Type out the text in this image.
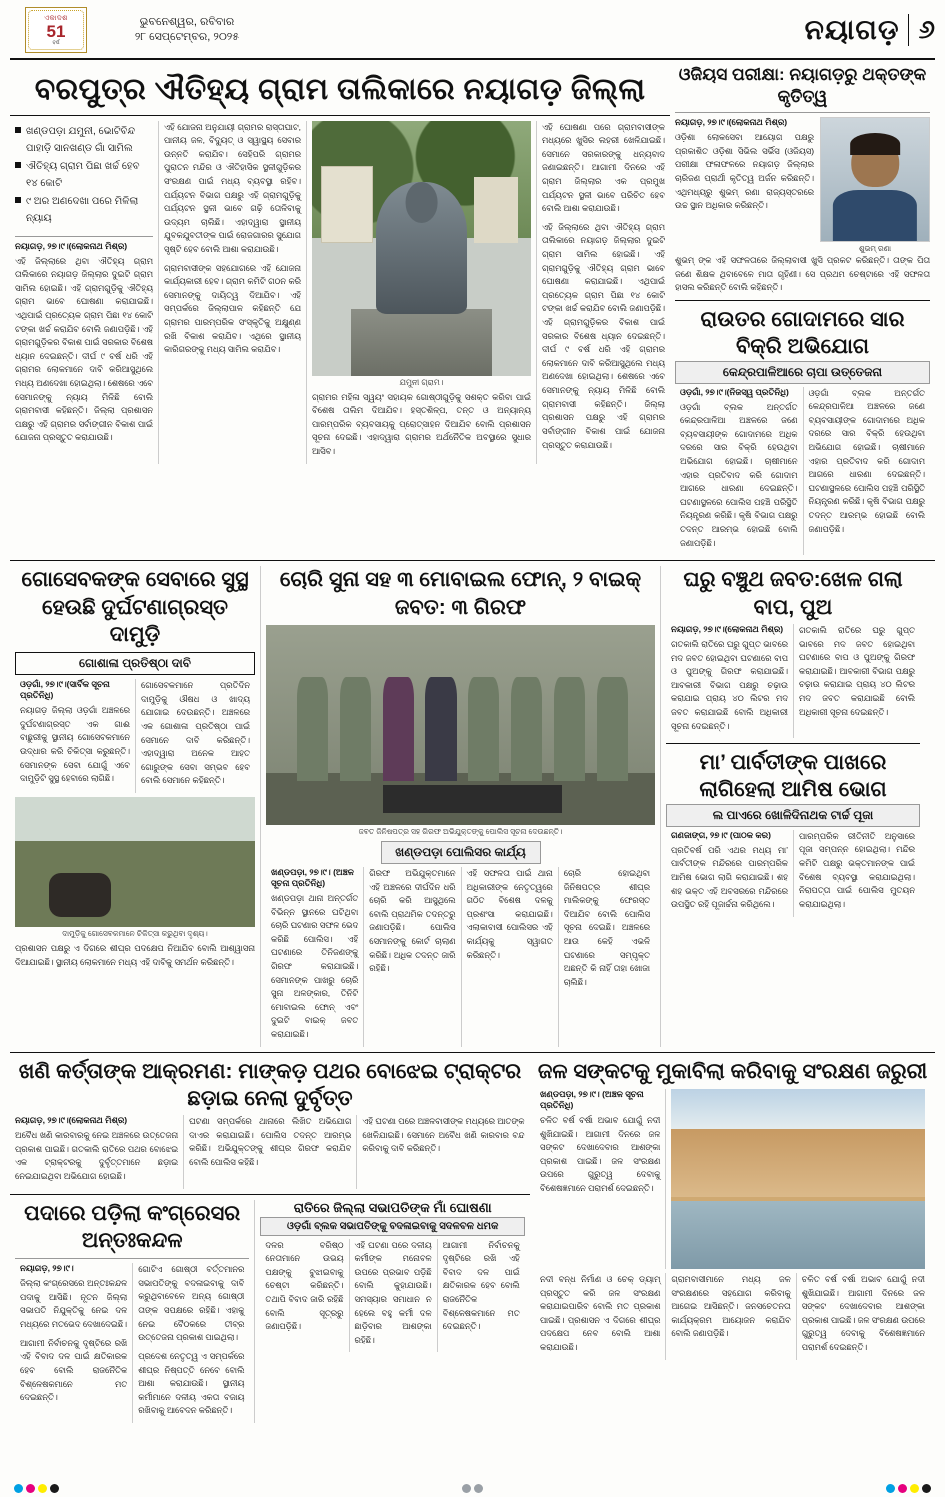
ଏକାଦଶ
51
ବର୍ଷ
ଭୁବନେଶ୍ୱର, ରବିବାର
୨୮ ସେପ୍ଟେମ୍ବର, ୨୦୨୫	ନୟାଗଡ଼ ୬
ବରପୁତ୍ର ଐତିହ୍ୟ ଗ୍ରାମ ତାଲିକାରେ ନୟାଗଡ଼ ଜିଲ୍ଲା
ଖଣ୍ଡପଡ଼ା ଯମୁନୀ, ଭୋଟିବିନ୍ଦ ପାହାଡ଼ି ସାନଖଣ୍ଡ ଗାଁ ସାମିଲ
ଐତିହ୍ୟ ଗ୍ରାମ ପିଛା ଖର୍ଚ୍ଚ ହେବ ୧୪ କୋଟି
୯ ଅର ଅଣଦେଖା ପରେ ମିଳିଲା ନ୍ୟାୟ
ନୟାଗଡ଼, ୨୭।୯।(ଲୋକନାଥ ମିଶ୍ର)

ଏହି ଜିଲ୍ଲାରେ ଥିବା ଐତିହ୍ୟ ଗ୍ରାମ ତାଲିକାରେ ନୟାଗଡ଼ ଜିଲ୍ଲାର ଦୁଇଟି ଗ୍ରାମ ସାମିଲ ହୋଇଛି। ଏହି ଗ୍ରାମଗୁଡ଼ିକୁ ଐତିହ୍ୟ ଗ୍ରାମ ଭାବେ ଘୋଷଣା କରାଯାଇଛି। ଏଥିପାଇଁ ପ୍ରତ୍ୟେକ ଗ୍ରାମ ପିଛା ୧୪ କୋଟି ଟଙ୍କା ଖର୍ଚ୍ଚ କରାଯିବ ବୋଲି ଜଣାପଡ଼ିଛି। ଏହି ଗ୍ରାମଗୁଡ଼ିକର ବିକାଶ ପାଇଁ ସରକାର ବିଶେଷ ଧ୍ୟାନ ଦେଇଛନ୍ତି। ଦୀର୍ଘ ୯ ବର୍ଷ ଧରି ଏହି ଗ୍ରାମର ଲୋକମାନେ ଦାବି କରିଆସୁଥିଲେ ମଧ୍ୟ ଅଣଦେଖା ହୋଇଥିଲା। ଶେଷରେ ଏବେ ସେମାନଙ୍କୁ ନ୍ୟାୟ ମିଳିଛି ବୋଲି ଗ୍ରାମବାସୀ କହିଛନ୍ତି। ଜିଲ୍ଲା ପ୍ରଶାସନ ପକ୍ଷରୁ ଏହି ଗ୍ରାମର ସର୍ବାଙ୍ଗୀନ ବିକାଶ ପାଇଁ ଯୋଜନା ପ୍ରସ୍ତୁତ କରାଯାଉଛି।

ଏହି ଯୋଜନା ଅନୁଯାୟୀ ଗ୍ରାମର ରାସ୍ତାଘାଟ, ପାନୀୟ ଜଳ, ବିଦ୍ୟୁତ୍ ଓ ସ୍ୱାସ୍ଥ୍ୟ ସେବାର ଉନ୍ନତି କରାଯିବ। ସେହିପରି ଗ୍ରାମର ପୁରାତନ ମନ୍ଦିର ଓ ଐତିହାସିକ ସ୍ଥଳୀଗୁଡ଼ିକର ସଂରକ୍ଷଣ ପାଇଁ ମଧ୍ୟ ବ୍ୟବସ୍ଥା ରହିବ। ପର୍ଯ୍ୟଟନ ବିଭାଗ ପକ୍ଷରୁ ଏହି ଗ୍ରାମଗୁଡ଼ିକୁ ପର୍ଯ୍ୟଟନ ସ୍ଥଳୀ ଭାବେ ଗଢ଼ି ତୋଳିବାକୁ ଉଦ୍ୟମ ଚାଲିଛି। ଏହାଦ୍ୱାରା ସ୍ଥାନୀୟ ଯୁବକଯୁବତୀଙ୍କ ପାଇଁ ରୋଜଗାରର ସୁଯୋଗ ସୃଷ୍ଟି ହେବ ବୋଲି ଆଶା କରାଯାଉଛି।

ଗ୍ରାମବାସୀଙ୍କ ସହଯୋଗରେ ଏହି ଯୋଜନା କାର୍ଯ୍ୟକାରୀ ହେବ। ଗ୍ରାମ କମିଟି ଗଠନ କରି ସେମାନଙ୍କୁ ଦାୟିତ୍ୱ ଦିଆଯିବ। ଏହି ସମ୍ପର୍କରେ ଜିଲ୍ଲାପାଳ କହିଛନ୍ତି ଯେ ଗ୍ରାମର ପାରମ୍ପରିକ ସଂସ୍କୃତିକୁ ଅକ୍ଷୁଣ୍ଣ ରଖି ବିକାଶ କରାଯିବ। ଏଥିରେ ସ୍ଥାନୀୟ କାରିଗରଙ୍କୁ ମଧ୍ୟ ସାମିଲ କରାଯିବ।

ଯମୁନୀ ଗ୍ରାମ।

ଗ୍ରାମର ମହିଳା ସ୍ୱୟଂ ସହାୟକ ଗୋଷ୍ଠୀଗୁଡ଼ିକୁ ସଶକ୍ତ କରିବା ପାଇଁ ବିଶେଷ ତାଲିମ ଦିଆଯିବ। ହସ୍ତଶିଳ୍ପ, ତନ୍ତ ଓ ଅନ୍ୟାନ୍ୟ ପାରମ୍ପରିକ ବ୍ୟବସାୟକୁ ପ୍ରୋତ୍ସାହନ ଦିଆଯିବ ବୋଲି ପ୍ରଶାସନ ସୂଚନା ଦେଇଛି। ଏହାଦ୍ୱାରା ଗ୍ରାମର ଅର୍ଥନୈତିକ ଅବସ୍ଥାରେ ସୁଧାର ଆସିବ।

ଏହି ଘୋଷଣା ପରେ ଗ୍ରାମବାସୀଙ୍କ ମଧ୍ୟରେ ଖୁସିର ଲହରୀ ଖେଳିଯାଇଛି। ସେମାନେ ସରକାରଙ୍କୁ ଧନ୍ୟବାଦ ଜଣାଇଛନ୍ତି। ଆଗାମୀ ଦିନରେ ଏହି ଗ୍ରାମ ଜିଲ୍ଲାର ଏକ ପ୍ରମୁଖ ପର୍ଯ୍ୟଟନ ସ୍ଥଳୀ ଭାବେ ପରିଚିତ ହେବ ବୋଲି ଆଶା କରାଯାଉଛି।

ଏହି ଜିଲ୍ଲାରେ ଥିବା ଐତିହ୍ୟ ଗ୍ରାମ ତାଲିକାରେ ନୟାଗଡ଼ ଜିଲ୍ଲାର ଦୁଇଟି ଗ୍ରାମ ସାମିଲ ହୋଇଛି। ଏହି ଗ୍ରାମଗୁଡ଼ିକୁ ଐତିହ୍ୟ ଗ୍ରାମ ଭାବେ ଘୋଷଣା କରାଯାଇଛି। ଏଥିପାଇଁ ପ୍ରତ୍ୟେକ ଗ୍ରାମ ପିଛା ୧୪ କୋଟି ଟଙ୍କା ଖର୍ଚ୍ଚ କରାଯିବ ବୋଲି ଜଣାପଡ଼ିଛି। ଏହି ଗ୍ରାମଗୁଡ଼ିକର ବିକାଶ ପାଇଁ ସରକାର ବିଶେଷ ଧ୍ୟାନ ଦେଇଛନ୍ତି। ଦୀର୍ଘ ୯ ବର୍ଷ ଧରି ଏହି ଗ୍ରାମର ଲୋକମାନେ ଦାବି କରିଆସୁଥିଲେ ମଧ୍ୟ ଅଣଦେଖା ହୋଇଥିଲା। ଶେଷରେ ଏବେ ସେମାନଙ୍କୁ ନ୍ୟାୟ ମିଳିଛି ବୋଲି ଗ୍ରାମବାସୀ କହିଛନ୍ତି। ଜିଲ୍ଲା ପ୍ରଶାସନ ପକ୍ଷରୁ ଏହି ଗ୍ରାମର ସର୍ବାଙ୍ଗୀନ ବିକାଶ ପାଇଁ ଯୋଜନା ପ୍ରସ୍ତୁତ କରାଯାଉଛି।

ଓଜିୟସ ପରୀକ୍ଷା: ନୟାଗଡ଼ରୁ ଥକ୍ତଙ୍କ କୃତିତ୍ୱ
ନୟାଗଡ଼, ୨୭।୯।(ଲୋକନାଥ ମିଶ୍ର)

ଓଡ଼ିଶା ଲୋକସେବା ଆୟୋଗ ପକ୍ଷରୁ ପ୍ରକାଶିତ ଓଡ଼ିଶା ସିଭିଲ ସର୍ଭିସ (ଓଜିୟସ) ପରୀକ୍ଷା ଫଳାଫଳରେ ନୟାଗଡ଼ ଜିଲ୍ଲାର ଚାରିଜଣ ପ୍ରାର୍ଥୀ କୃତିତ୍ୱ ଅର୍ଜନ କରିଛନ୍ତି। ଏଥିମଧ୍ୟରୁ ଶୁଭମ୍ ରଣା ରାଜ୍ୟସ୍ତରରେ ଉଚ୍ଚ ସ୍ଥାନ ଅଧିକାର କରିଛନ୍ତି।

ଶୁଭମ୍ ରଣା

ଶୁଭମ୍ ଙ୍କ ଏହି ସଫଳତାରେ ଜିଲ୍ଲାବାସୀ ଖୁସି ପ୍ରକଟ କରିଛନ୍ତି। ତାଙ୍କ ପିତା ଜଣେ ଶିକ୍ଷକ ଥିବାବେଳେ ମାତା ଗୃହିଣୀ। ସେ ପ୍ରଥମ ଚେଷ୍ଟାରେ ଏହି ସଫଳତା ହାସଲ କରିଛନ୍ତି ବୋଲି କହିଛନ୍ତି।

ରାଉତର ଗୋଦାମରେ ସାର ବିକ୍ରି ଅଭିଯୋଗ
କେନ୍ଦ୍ରପାଳିଆରେ ଚାପା ଉତ୍ତେଜନା
ଓଡ଼ଗାଁ, ୨୭।୯।(ନିଜସ୍ୱ ପ୍ରତିନିଧି)

ଓଡ଼ଗାଁ ବ୍ଲକ ଅନ୍ତର୍ଗତ କେନ୍ଦ୍ରପାଳିଆ ଅଞ୍ଚଳରେ ଜଣେ ବ୍ୟବସାୟୀଙ୍କ ଗୋଦାମରେ ଅଧିକ ଦରରେ ସାର ବିକ୍ରି ହେଉଥିବା ଅଭିଯୋଗ ହୋଇଛି। ଚାଷୀମାନେ ଏହାର ପ୍ରତିବାଦ କରି ଗୋଦାମ ଆଗରେ ଧାରଣା ଦେଇଛନ୍ତି। ଘଟଣାସ୍ଥଳରେ ପୋଲିସ ପହଞ୍ଚି ପରିସ୍ଥିତି ନିୟନ୍ତ୍ରଣ କରିଛି। କୃଷି ବିଭାଗ ପକ୍ଷରୁ ତଦନ୍ତ ଆରମ୍ଭ ହୋଇଛି ବୋଲି ଜଣାପଡ଼ିଛି।

ଓଡ଼ଗାଁ ବ୍ଲକ ଅନ୍ତର୍ଗତ କେନ୍ଦ୍ରପାଳିଆ ଅଞ୍ଚଳରେ ଜଣେ ବ୍ୟବସାୟୀଙ୍କ ଗୋଦାମରେ ଅଧିକ ଦରରେ ସାର ବିକ୍ରି ହେଉଥିବା ଅଭିଯୋଗ ହୋଇଛି। ଚାଷୀମାନେ ଏହାର ପ୍ରତିବାଦ କରି ଗୋଦାମ ଆଗରେ ଧାରଣା ଦେଇଛନ୍ତି। ଘଟଣାସ୍ଥଳରେ ପୋଲିସ ପହଞ୍ଚି ପରିସ୍ଥିତି ନିୟନ୍ତ୍ରଣ କରିଛି। କୃଷି ବିଭାଗ ପକ୍ଷରୁ ତଦନ୍ତ ଆରମ୍ଭ ହୋଇଛି ବୋଲି ଜଣାପଡ଼ିଛି।

ଗୋସେବକଙ୍କ ସେବାରେ ସୁସ୍ଥ ହେଉଛି ଦୁର୍ଘଟଣାଗ୍ରସ୍ତ ଦାମୁଡ଼ି
ଗୋଶାଳା ପ୍ରତିଷ୍ଠା ଦାବି
ଓଡ଼ଗାଁ, ୨୭।୯।(ସାର୍ବିକ ସୂଚନା ପ୍ରତିନିଧି)

ନୟାଗଡ଼ ଜିଲ୍ଲା ଓଡ଼ଗାଁ ଅଞ୍ଚଳରେ ଦୁର୍ଘଟଣାଗ୍ରସ୍ତ ଏକ ଗାଈ ବାଛୁରୀକୁ ସ୍ଥାନୀୟ ଗୋସେବକମାନେ ଉଦ୍ଧାର କରି ଚିକିତ୍ସା କରୁଛନ୍ତି। ସେମାନଙ୍କ ସେବା ଯୋଗୁଁ ଏବେ ଦାମୁଡ଼ିଟି ସୁସ୍ଥ ହେବାରେ ଲାଗିଛି।

ଗୋସେବକମାନେ ପ୍ରତିଦିନ ଦାମୁଡ଼ିକୁ ଔଷଧ ଓ ଖାଦ୍ୟ ଯୋଗାଇ ଦେଉଛନ୍ତି। ଅଞ୍ଚଳରେ ଏକ ଗୋଶାଳା ପ୍ରତିଷ୍ଠା ପାଇଁ ସେମାନେ ଦାବି କରିଛନ୍ତି। ଏହାଦ୍ୱାରା ଅନେକ ଆହତ ଗୋରୁଙ୍କ ସେବା ସମ୍ଭବ ହେବ ବୋଲି ସେମାନେ କହିଛନ୍ତି।

ଦାମୁଡ଼ିକୁ ଗୋସେବକମାନେ ଚିକିତ୍ସା କରୁଥିବା ଦୃଶ୍ୟ।

ପ୍ରଶାସନ ପକ୍ଷରୁ ଏ ଦିଗରେ ଶୀଘ୍ର ପଦକ୍ଷେପ ନିଆଯିବ ବୋଲି ଆଶ୍ୱାସନା ଦିଆଯାଇଛି। ସ୍ଥାନୀୟ ଲୋକମାନେ ମଧ୍ୟ ଏହି ଦାବିକୁ ସମର୍ଥନ କରିଛନ୍ତି।

ଚୋରି ସୁନା ସହ ୩ ମୋବାଇଲ ଫୋନ୍, ୨ ବାଇକ୍ ଜବତ: ୩ ଗିରଫ
ଜବତ ଜିନିଷପତ୍ର ସହ ଗିରଫ ଅଭିଯୁକ୍ତଙ୍କୁ ପୋଲିସ ସୂଚନା ଦେଉଛନ୍ତି।
ଖଣ୍ଡପଡ଼ା ପୋଲିସର କାର୍ଯ୍ୟ
ଖଣ୍ଡପଡ଼ା, ୨୭।୯। (ଅଞ୍ଚଳ ସୂଚନା ପ୍ରତିନିଧି)

ଖଣ୍ଡପଡ଼ା ଥାନା ଅନ୍ତର୍ଗତ ବିଭିନ୍ନ ସ୍ଥାନରେ ଘଟିଥିବା ଚୋରି ଘଟଣାର ସଫଳ ଭେଦ କରିଛି ପୋଲିସ। ଏହି ଘଟଣାରେ ତିନିଜଣଙ୍କୁ ଗିରଫ କରାଯାଇଛି। ସେମାନଙ୍କ ପାଖରୁ ଚୋରି ସୁନା ଅଳଙ୍କାର, ତିନିଟି ମୋବାଇଲ ଫୋନ୍ ଏବଂ ଦୁଇଟି ବାଇକ୍ ଜବତ କରାଯାଇଛି।

ଗିରଫ ଅଭିଯୁକ୍ତମାନେ ଏହି ଅଞ୍ଚଳରେ ଦୀର୍ଘଦିନ ଧରି ଚୋରି କରି ଆସୁଥିଲେ ବୋଲି ପ୍ରାଥମିକ ତଦନ୍ତରୁ ଜଣାପଡ଼ିଛି। ପୋଲିସ ସେମାନଙ୍କୁ କୋର୍ଟ ଚାଲାଣ କରିଛି। ଅଧିକ ତଦନ୍ତ ଜାରି ରହିଛି।

ଏହି ସଫଳତା ପାଇଁ ଥାନା ଅଧିକାରୀଙ୍କ ନେତୃତ୍ୱରେ ଗଠିତ ବିଶେଷ ଦଳକୁ ପ୍ରଶଂସା କରାଯାଇଛି। ଏଲାକାବାସୀ ପୋଲିସର ଏହି କାର୍ଯ୍ୟକୁ ସ୍ୱାଗତ କରିଛନ୍ତି।

ଚୋରି ହୋଇଥିବା ଜିନିଷପତ୍ର ଶୀଘ୍ର ମାଲିକଙ୍କୁ ଫେରସ୍ତ ଦିଆଯିବ ବୋଲି ପୋଲିସ ସୂଚନା ଦେଇଛି। ଅଞ୍ଚଳରେ ଆଉ କେହି ଏଭଳି ଘଟଣାରେ ସମ୍ପୃକ୍ତ ଅଛନ୍ତି କି ନାହିଁ ତାହା ଖୋଜା ଚାଲିଛି।

ଘରୁ ବଞ୍ଚୁଥ ଜବତ:ଖେଳ ଗଲା ବାପ, ପୁଅ
ନୟାଗଡ଼, ୨୭।୯।(ଲୋକନାଥ ମିଶ୍ର)

ଗତକାଲି ରାତିରେ ଘରୁ ଗୁପ୍ତ ଭାବରେ ମଦ ଜବତ ହୋଇଥିବା ଘଟଣାରେ ବାପ ଓ ପୁଅଙ୍କୁ ଗିରଫ କରାଯାଇଛି। ଆବକାରୀ ବିଭାଗ ପକ୍ଷରୁ ଚଢ଼ାଉ କରାଯାଇ ପ୍ରାୟ ୪୦ ଲିଟର ମଦ ଜବତ କରାଯାଇଛି ବୋଲି ଅଧିକାରୀ ସୂଚନା ଦେଇଛନ୍ତି।

ଗତକାଲି ରାତିରେ ଘରୁ ଗୁପ୍ତ ଭାବରେ ମଦ ଜବତ ହୋଇଥିବା ଘଟଣାରେ ବାପ ଓ ପୁଅଙ୍କୁ ଗିରଫ କରାଯାଇଛି। ଆବକାରୀ ବିଭାଗ ପକ୍ଷରୁ ଚଢ଼ାଉ କରାଯାଇ ପ୍ରାୟ ୪୦ ଲିଟର ମଦ ଜବତ କରାଯାଇଛି ବୋଲି ଅଧିକାରୀ ସୂଚନା ଦେଇଛନ୍ତି।

ମା’ ପାର୍ବତୀଙ୍କ ପାଖରେ ଲାଗିହେଲା ଆମିଷ ଭୋଗ
ଲ ପାଏରେ ଖୋଳିଦିନାଥକ ଟାର୍ଚ୍ଚ ପୂଜା
ଗଣଜାଙ୍ଗ, ୨୭।୯ (ପାଠକ କର)

ପ୍ରତିବର୍ଷ ପରି ଏଥର ମଧ୍ୟ ମା’ ପାର୍ବତୀଙ୍କ ମନ୍ଦିରରେ ପାରମ୍ପରିକ ଆମିଷ ଭୋଗ ଲାଗି କରାଯାଇଛି। ଶହ ଶହ ଭକ୍ତ ଏହି ଅବସରରେ ମନ୍ଦିରରେ ଉପସ୍ଥିତ ରହି ପୂଜାର୍ଚ୍ଚନା କରିଥିଲେ।

ପାରମ୍ପରିକ ରୀତିନୀତି ଅନୁସାରେ ପୂଜା ସମ୍ପନ୍ନ ହୋଇଥିଲା। ମନ୍ଦିର କମିଟି ପକ୍ଷରୁ ଭକ୍ତମାନଙ୍କ ପାଇଁ ବିଶେଷ ବ୍ୟବସ୍ଥା କରାଯାଇଥିଲା। ନିରାପତ୍ତା ପାଇଁ ପୋଲିସ ମୁତୟନ କରାଯାଇଥିଲା।

ଖଣି କର୍ତ୍ତାଙ୍କ ଆକ୍ରମଣ: ମାଙ୍କଡ଼ ପଥର ବୋଝେଇ ଟ୍ରାକ୍ଟର ଛଡ଼ାଇ ନେଲା ଦୁର୍ବୃତ୍ତ
ନୟାଗଡ଼, ୨୭।୯।(ଲୋକନାଥ ମିଶ୍ର)

ଅବୈଧ ଖଣି କାରବାରକୁ ନେଇ ଅଞ୍ଚଳରେ ଉତ୍ତେଜନା ପ୍ରକାଶ ପାଇଛି। ଗତକାଲି ରାତିରେ ପଥର ବୋଝେଇ ଏକ ଟ୍ରାକ୍ଟରକୁ ଦୁର୍ବୃତ୍ତମାନେ ଛଡ଼ାଇ ନେଇଯାଇଥିବା ଅଭିଯୋଗ ହୋଇଛି।

ଘଟଣା ସମ୍ପର୍କରେ ଥାନାରେ ଲିଖିତ ଅଭିଯୋଗ ଦାଏର କରାଯାଇଛି। ପୋଲିସ ତଦନ୍ତ ଆରମ୍ଭ କରିଛି। ଅଭିଯୁକ୍ତଙ୍କୁ ଶୀଘ୍ର ଗିରଫ କରାଯିବ ବୋଲି ପୋଲିସ କହିଛି।

ଏହି ଘଟଣା ପରେ ଅଞ୍ଚଳବାସୀଙ୍କ ମଧ୍ୟରେ ଆତଙ୍କ ଖେଳିଯାଇଛି। ସେମାନେ ଅବୈଧ ଖଣି କାରବାର ବନ୍ଦ କରିବାକୁ ଦାବି କରିଛନ୍ତି।

ପଦାରେ ପଡ଼ିଲା କଂଗ୍ରେସର ଅନ୍ତଃକନ୍ଦଳ
ନୟାଗଡ଼, ୨୭।୯।

ଜିଲ୍ଲା କଂଗ୍ରେସରେ ଅନ୍ତଃକନ୍ଦଳ ପଦାକୁ ଆସିଛି। ନୂତନ ଜିଲ୍ଲା ସଭାପତି ନିଯୁକ୍ତିକୁ ନେଇ ଦଳ ମଧ୍ୟରେ ମତଭେଦ ଦେଖାଦେଇଛି।

ଆଗାମୀ ନିର୍ବାଚନକୁ ଦୃଷ୍ଟିରେ ରଖି ଏହି ବିବାଦ ଦଳ ପାଇଁ କ୍ଷତିକାରକ ହେବ ବୋଲି ରାଜନୈତିକ ବିଶ୍ଳେଷକମାନେ ମତ ଦେଇଛନ୍ତି।

ଗୋଟିଏ ଗୋଷ୍ଠୀ ବର୍ତ୍ତମାନର ସଭାପତିଙ୍କୁ ବଦଳାଇବାକୁ ଦାବି କରୁଥିବାବେଳେ ଅନ୍ୟ ଗୋଷ୍ଠୀ ତାଙ୍କ ସପକ୍ଷରେ ରହିଛି। ଏହାକୁ ନେଇ ବୈଠକରେ ତୀବ୍ର ଉତ୍ତେଜନା ପ୍ରକାଶ ପାଇଥିଲା।

ପ୍ରଦେଶ ନେତୃତ୍ୱ ଏ ସମ୍ପର୍କରେ ଶୀଘ୍ର ନିଷ୍ପତ୍ତି ନେବେ ବୋଲି ଆଶା କରାଯାଉଛି। ସ୍ଥାନୀୟ କର୍ମୀମାନେ ଦଳୀୟ ଏକତା ବଜାୟ ରଖିବାକୁ ଆବେଦନ କରିଛନ୍ତି।

ରାତିରେ ଜିଲ୍ଲା ସଭାପତିଙ୍କ ମାଁ ଘୋଷଣା
ଓଡ଼ଗାଁ ବ୍ଲକ ସଭାପତିଙ୍କୁ ବଦଳାଇବାକୁ ସଦଳବଳ ଧମକ

ଦଳର ବରିଷ୍ଠ ନେତାମାନେ ଉଭୟ ପକ୍ଷଙ୍କୁ ବୁଝାଇବାକୁ ଚେଷ୍ଟା କରିଛନ୍ତି। ତଥାପି ବିବାଦ ଜାରି ରହିଛି ବୋଲି ସୂତ୍ରରୁ ଜଣାପଡ଼ିଛି।

ଏହି ଘଟଣା ପରେ ଦଳୀୟ କର୍ମୀଙ୍କ ମନୋବଳ ଉପରେ ପ୍ରଭାବ ପଡ଼ିଛି ବୋଲି କୁହାଯାଉଛି। ସମସ୍ୟାର ସମାଧାନ ନ ହେଲେ ବହୁ କର୍ମୀ ଦଳ ଛାଡ଼ିବାର ଆଶଙ୍କା ରହିଛି।

ଆଗାମୀ ନିର୍ବାଚନକୁ ଦୃଷ୍ଟିରେ ରଖି ଏହି ବିବାଦ ଦଳ ପାଇଁ କ୍ଷତିକାରକ ହେବ ବୋଲି ରାଜନୈତିକ ବିଶ୍ଳେଷକମାନେ ମତ ଦେଇଛନ୍ତି।

ଜଳ ସଙ୍କଟକୁ ମୁକାବିଲା କରିବାକୁ ସଂରକ୍ଷଣ ଜରୁରୀ
ଖଣ୍ଡପଡ଼ା, ୨୭।୯। (ଅଞ୍ଚଳ ସୂଚନା ପ୍ରତିନିଧି)

ଚଳିତ ବର୍ଷ ବର୍ଷା ଅଭାବ ଯୋଗୁଁ ନଦୀ ଶୁଖିଯାଇଛି। ଆଗାମୀ ଦିନରେ ଜଳ ସଙ୍କଟ ଦେଖାଦେବାର ଆଶଙ୍କା ପ୍ରକାଶ ପାଇଛି। ଜଳ ସଂରକ୍ଷଣ ଉପରେ ଗୁରୁତ୍ୱ ଦେବାକୁ ବିଶେଷଜ୍ଞମାନେ ପରାମର୍ଶ ଦେଇଛନ୍ତି।

ନଦୀ ବନ୍ଧ ନିର୍ମାଣ ଓ ଚେକ୍ ଡ୍ୟାମ୍ ପ୍ରସ୍ତୁତ କରି ଜଳ ସଂରକ୍ଷଣ କରାଯାଇପାରିବ ବୋଲି ମତ ପ୍ରକାଶ ପାଇଛି। ପ୍ରଶାସନ ଏ ଦିଗରେ ଶୀଘ୍ର ପଦକ୍ଷେପ ନେବ ବୋଲି ଆଶା କରାଯାଉଛି।

ଗ୍ରାମବାସୀମାନେ ମଧ୍ୟ ଜଳ ସଂରକ୍ଷଣରେ ସହଯୋଗ କରିବାକୁ ଆଗେଇ ଆସିଛନ୍ତି। ଜନସଚେତନତା କାର୍ଯ୍ୟକ୍ରମ ଆୟୋଜନ କରାଯିବ ବୋଲି ଜଣାପଡ଼ିଛି।

ଚଳିତ ବର୍ଷ ବର୍ଷା ଅଭାବ ଯୋଗୁଁ ନଦୀ ଶୁଖିଯାଇଛି। ଆଗାମୀ ଦିନରେ ଜଳ ସଙ୍କଟ ଦେଖାଦେବାର ଆଶଙ୍କା ପ୍ରକାଶ ପାଇଛି। ଜଳ ସଂରକ୍ଷଣ ଉପରେ ଗୁରୁତ୍ୱ ଦେବାକୁ ବିଶେଷଜ୍ଞମାନେ ପରାମର୍ଶ ଦେଇଛନ୍ତି।
